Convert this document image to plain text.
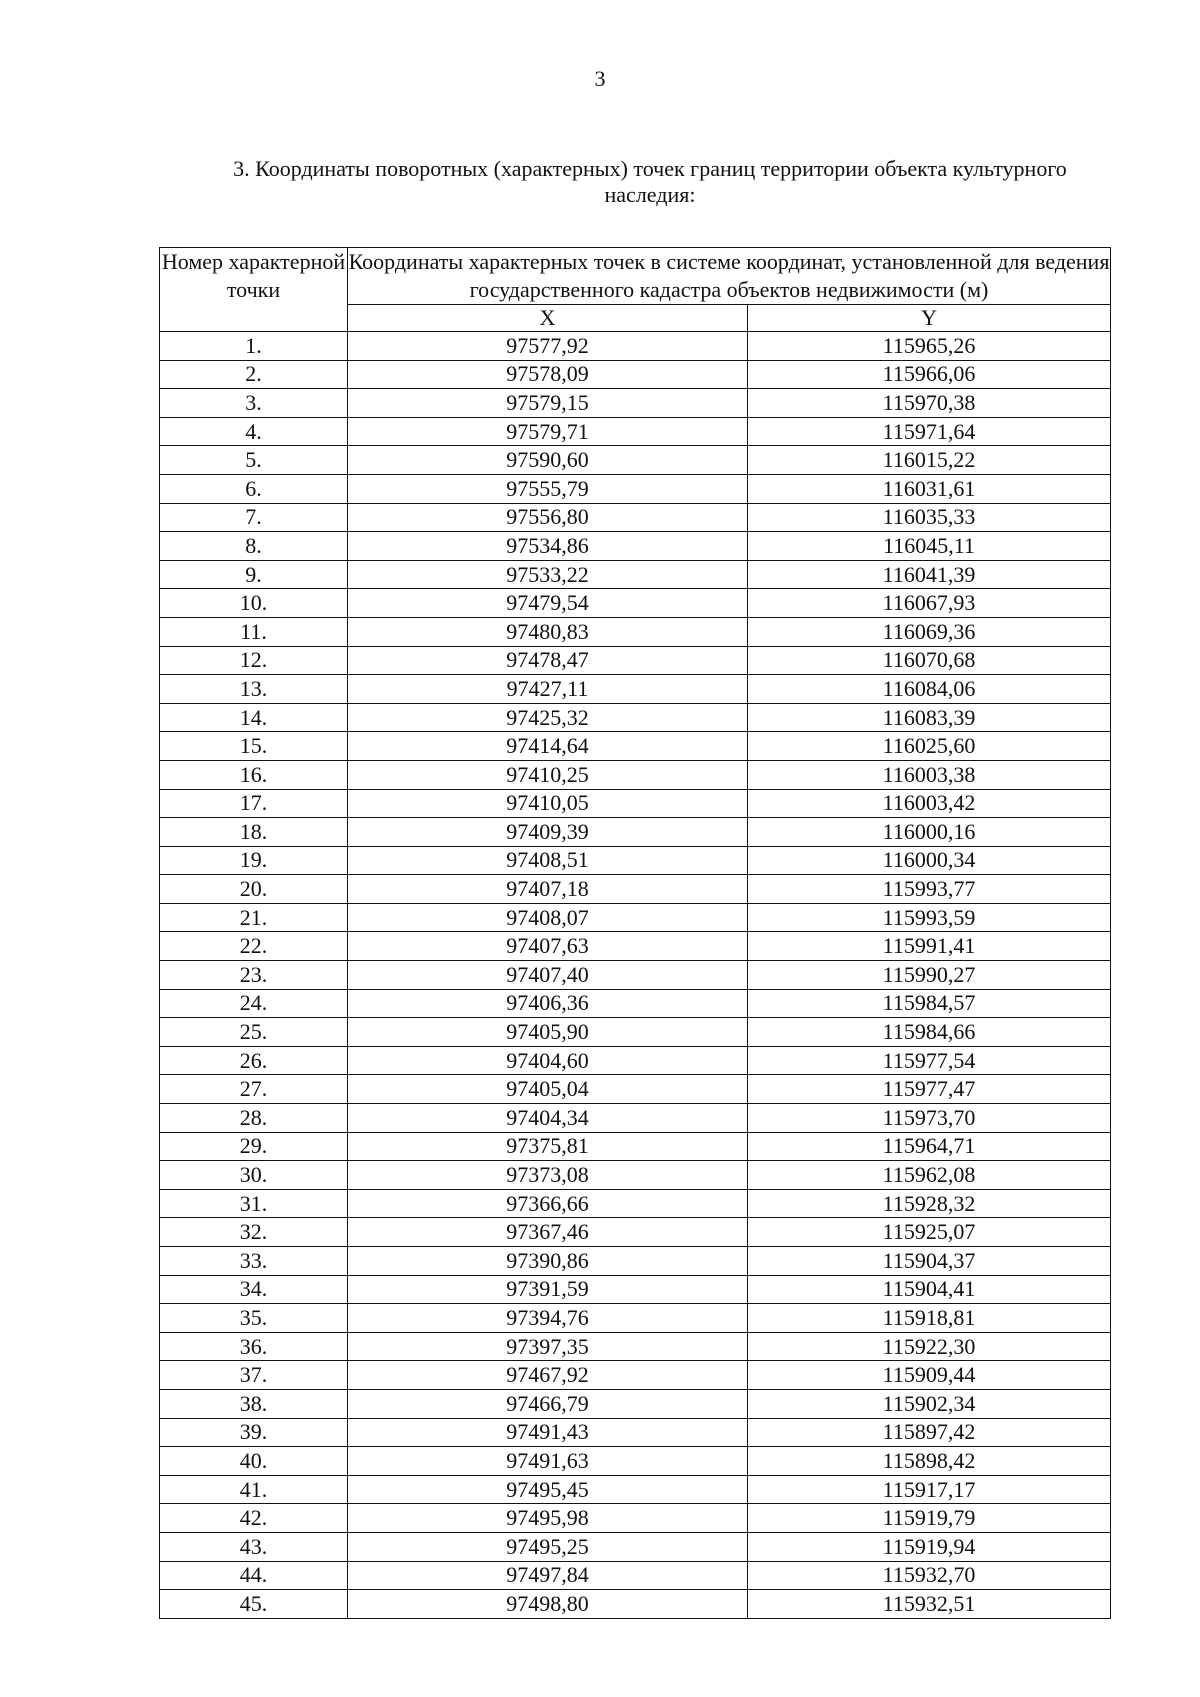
3
3. Координаты поворотных (характерных) точек границ территории объекта культурного наследия:
Номер характерной точки	Координаты характерных точек в системе координат, установленной для ведения государственного кадастра объектов недвижимости (м)	
	X	Y
1.	97577,92	115965,26
2.	97578,09	115966,06
3.	97579,15	115970,38
4.	97579,71	115971,64
5.	97590,60	116015,22
6.	97555,79	116031,61
7.	97556,80	116035,33
8.	97534,86	116045,11
9.	97533,22	116041,39
10.	97479,54	116067,93
11.	97480,83	116069,36
12.	97478,47	116070,68
13.	97427,11	116084,06
14.	97425,32	116083,39
15.	97414,64	116025,60
16.	97410,25	116003,38
17.	97410,05	116003,42
18.	97409,39	116000,16
19.	97408,51	116000,34
20.	97407,18	115993,77
21.	97408,07	115993,59
22.	97407,63	115991,41
23.	97407,40	115990,27
24.	97406,36	115984,57
25.	97405,90	115984,66
26.	97404,60	115977,54
27.	97405,04	115977,47
28.	97404,34	115973,70
29.	97375,81	115964,71
30.	97373,08	115962,08
31.	97366,66	115928,32
32.	97367,46	115925,07
33.	97390,86	115904,37
34.	97391,59	115904,41
35.	97394,76	115918,81
36.	97397,35	115922,30
37.	97467,92	115909,44
38.	97466,79	115902,34
39.	97491,43	115897,42
40.	97491,63	115898,42
41.	97495,45	115917,17
42.	97495,98	115919,79
43.	97495,25	115919,94
44.	97497,84	115932,70
45.	97498,80	115932,51
